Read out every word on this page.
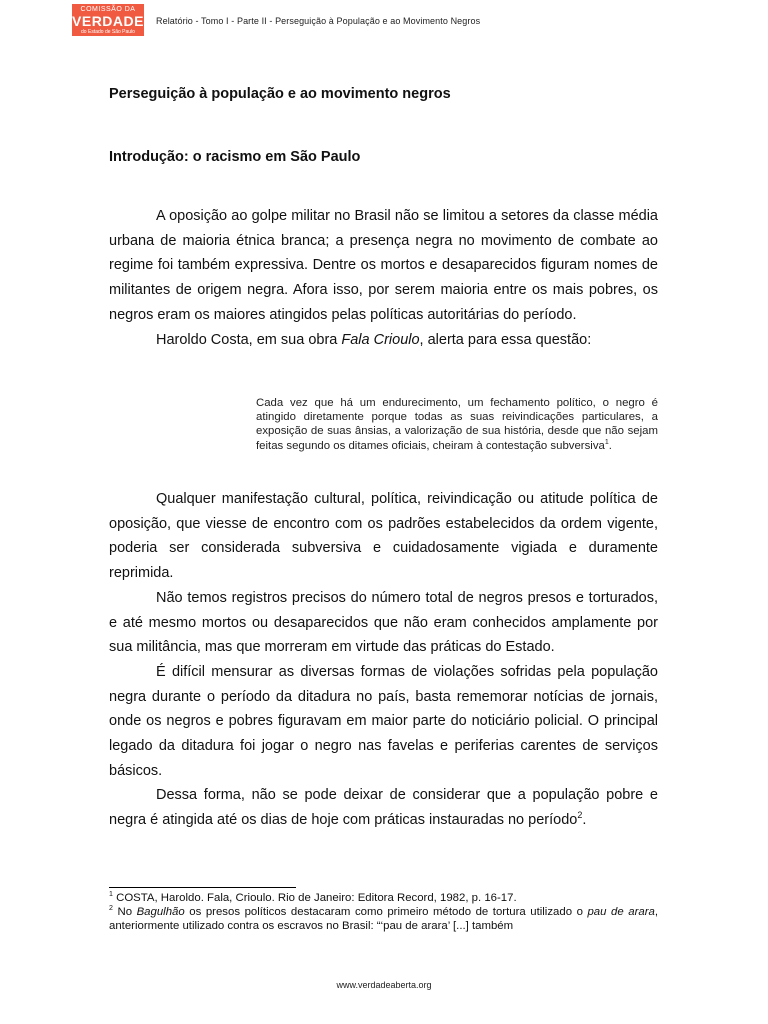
COMISSÃO DA
VERDADE
do Estado de São Paulo
Relatório - Tomo I - Parte II - Perseguição à População e ao Movimento Negros
Perseguição à população e ao movimento negros
Introdução: o racismo em São Paulo

A oposição ao golpe militar no Brasil não se limitou a setores da classe média urbana de maioria étnica branca; a presença negra no movimento de combate ao regime foi também expressiva. Dentre os mortos e desaparecidos figuram nomes de militantes de origem negra. Afora isso, por serem maioria entre os mais pobres, os negros eram os maiores atingidos pelas políticas autoritárias do período.

Haroldo Costa, em sua obra Fala Crioulo, alerta para essa questão:

Cada vez que há um endurecimento, um fechamento político, o negro é atingido diretamente porque todas as suas reivindicações particulares, a exposição de suas ânsias, a valorização de sua história, desde que não sejam feitas segundo os ditames oficiais, cheiram à contestação subversiva$^1$.

Qualquer manifestação cultural, política, reivindicação ou atitude política de oposição, que viesse de encontro com os padrões estabelecidos da ordem vigente, poderia ser considerada subversiva e cuidadosamente vigiada e duramente reprimida.

Não temos registros precisos do número total de negros presos e torturados, e até mesmo mortos ou desaparecidos que não eram conhecidos amplamente por sua militância, mas que morreram em virtude das práticas do Estado.

É difícil mensurar as diversas formas de violações sofridas pela população negra durante o período da ditadura no país, basta rememorar notícias de jornais, onde os negros e pobres figuravam em maior parte do noticiário policial. O principal legado da ditadura foi jogar o negro nas favelas e periferias carentes de serviços básicos.

Dessa forma, não se pode deixar de considerar que a população pobre e negra é atingida até os dias de hoje com práticas instauradas no período$^2$.

$^1$ COSTA, Haroldo. Fala, Crioulo. Rio de Janeiro: Editora Record, 1982, p. 16-17.

$^2$ No Bagulhão os presos políticos destacaram como primeiro método de tortura utilizado o pau de arara, anteriormente utilizado contra os escravos no Brasil: “‘pau de arara’ [...] também

www.verdadeaberta.org
